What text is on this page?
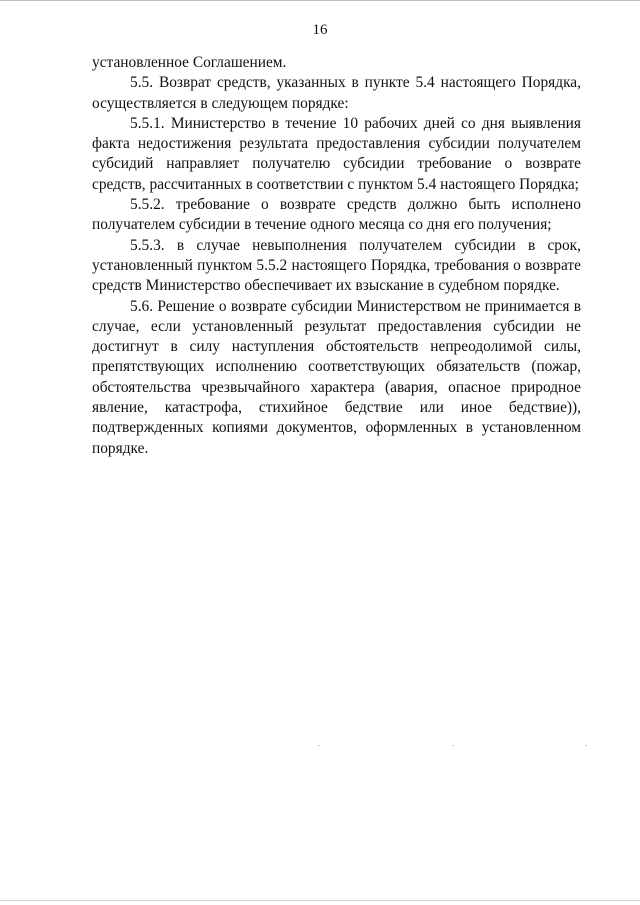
16

установленное Соглашением.

5.5. Возврат средств, указанных в пункте 5.4 настоящего Порядка, осуществляется в следующем порядке:

5.5.1. Министерство в течение 10 рабочих дней со дня выявления факта недостижения результата предоставления субсидии получателем субсидий направляет получателю субсидии требование о возврате средств, рассчитанных в соответствии с пунктом 5.4 настоящего Порядка;

5.5.2. требование о возврате средств должно быть исполнено получателем субсидии в течение одного месяца со дня его получения;

5.5.3. в случае невыполнения получателем субсидии в срок, установленный пунктом 5.5.2 настоящего Порядка, требования о возврате средств Министерство обеспечивает их взыскание в судебном порядке.

5.6. Решение о возврате субсидии Министерством не принимается в случае, если установленный результат предоставления субсидии не достигнут в силу наступления обстоятельств непреодолимой силы, препятствующих исполнению соответствующих обязательств (пожар, обстоятельства чрезвычайного характера (авария, опасное природное явление, катастрофа, стихийное бедствие или иное бедствие)), подтвержденных копиями документов, оформленных в установленном порядке.
